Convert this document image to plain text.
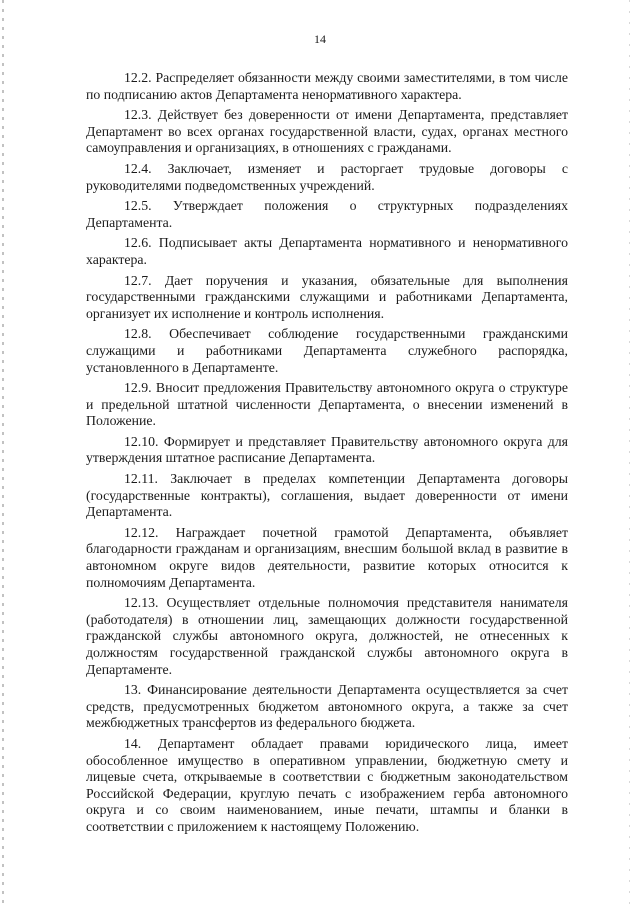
14

12.2. Распределяет обязанности между своими заместителями, в том числе по подписанию актов Департамента ненормативного характера.

12.3. Действует без доверенности от имени Департамента, представляет Департамент во всех органах государственной власти, судах, органах местного самоуправления и организациях, в отношениях с гражданами.

12.4. Заключает, изменяет и расторгает трудовые договоры с руководителями подведомственных учреждений.

12.5. Утверждает положения о структурных подразделениях Департамента.

12.6. Подписывает акты Департамента нормативного и ненормативного характера.

12.7. Дает поручения и указания, обязательные для выполнения государственными гражданскими служащими и работниками Департамента, организует их исполнение и контроль исполнения.

12.8. Обеспечивает соблюдение государственными гражданскими служащими и работниками Департамента служебного распорядка, установленного в Департаменте.

12.9. Вносит предложения Правительству автономного округа о структуре и предельной штатной численности Департамента, о внесении изменений в Положение.

12.10. Формирует и представляет Правительству автономного округа для утверждения штатное расписание Департамента.

12.11. Заключает в пределах компетенции Департамента договоры (государственные контракты), соглашения, выдает доверенности от имени Департамента.

12.12. Награждает почетной грамотой Департамента, объявляет благодарности гражданам и организациям, внесшим большой вклад в развитие в автономном округе видов деятельности, развитие которых относится к полномочиям Департамента.

12.13. Осуществляет отдельные полномочия представителя нанимателя (работодателя) в отношении лиц, замещающих должности государственной гражданской службы автономного округа, должностей, не отнесенных к должностям государственной гражданской службы автономного округа в Департаменте.

13. Финансирование деятельности Департамента осуществляется за счет средств, предусмотренных бюджетом автономного округа, а также за счет межбюджетных трансфертов из федерального бюджета.

14. Департамент обладает правами юридического лица, имеет обособленное имущество в оперативном управлении, бюджетную смету и лицевые счета, открываемые в соответствии с бюджетным законодательством Российской Федерации, круглую печать с изображением герба автономного округа и со своим наименованием, иные печати, штампы и бланки в соответствии с приложением к настоящему Положению.
